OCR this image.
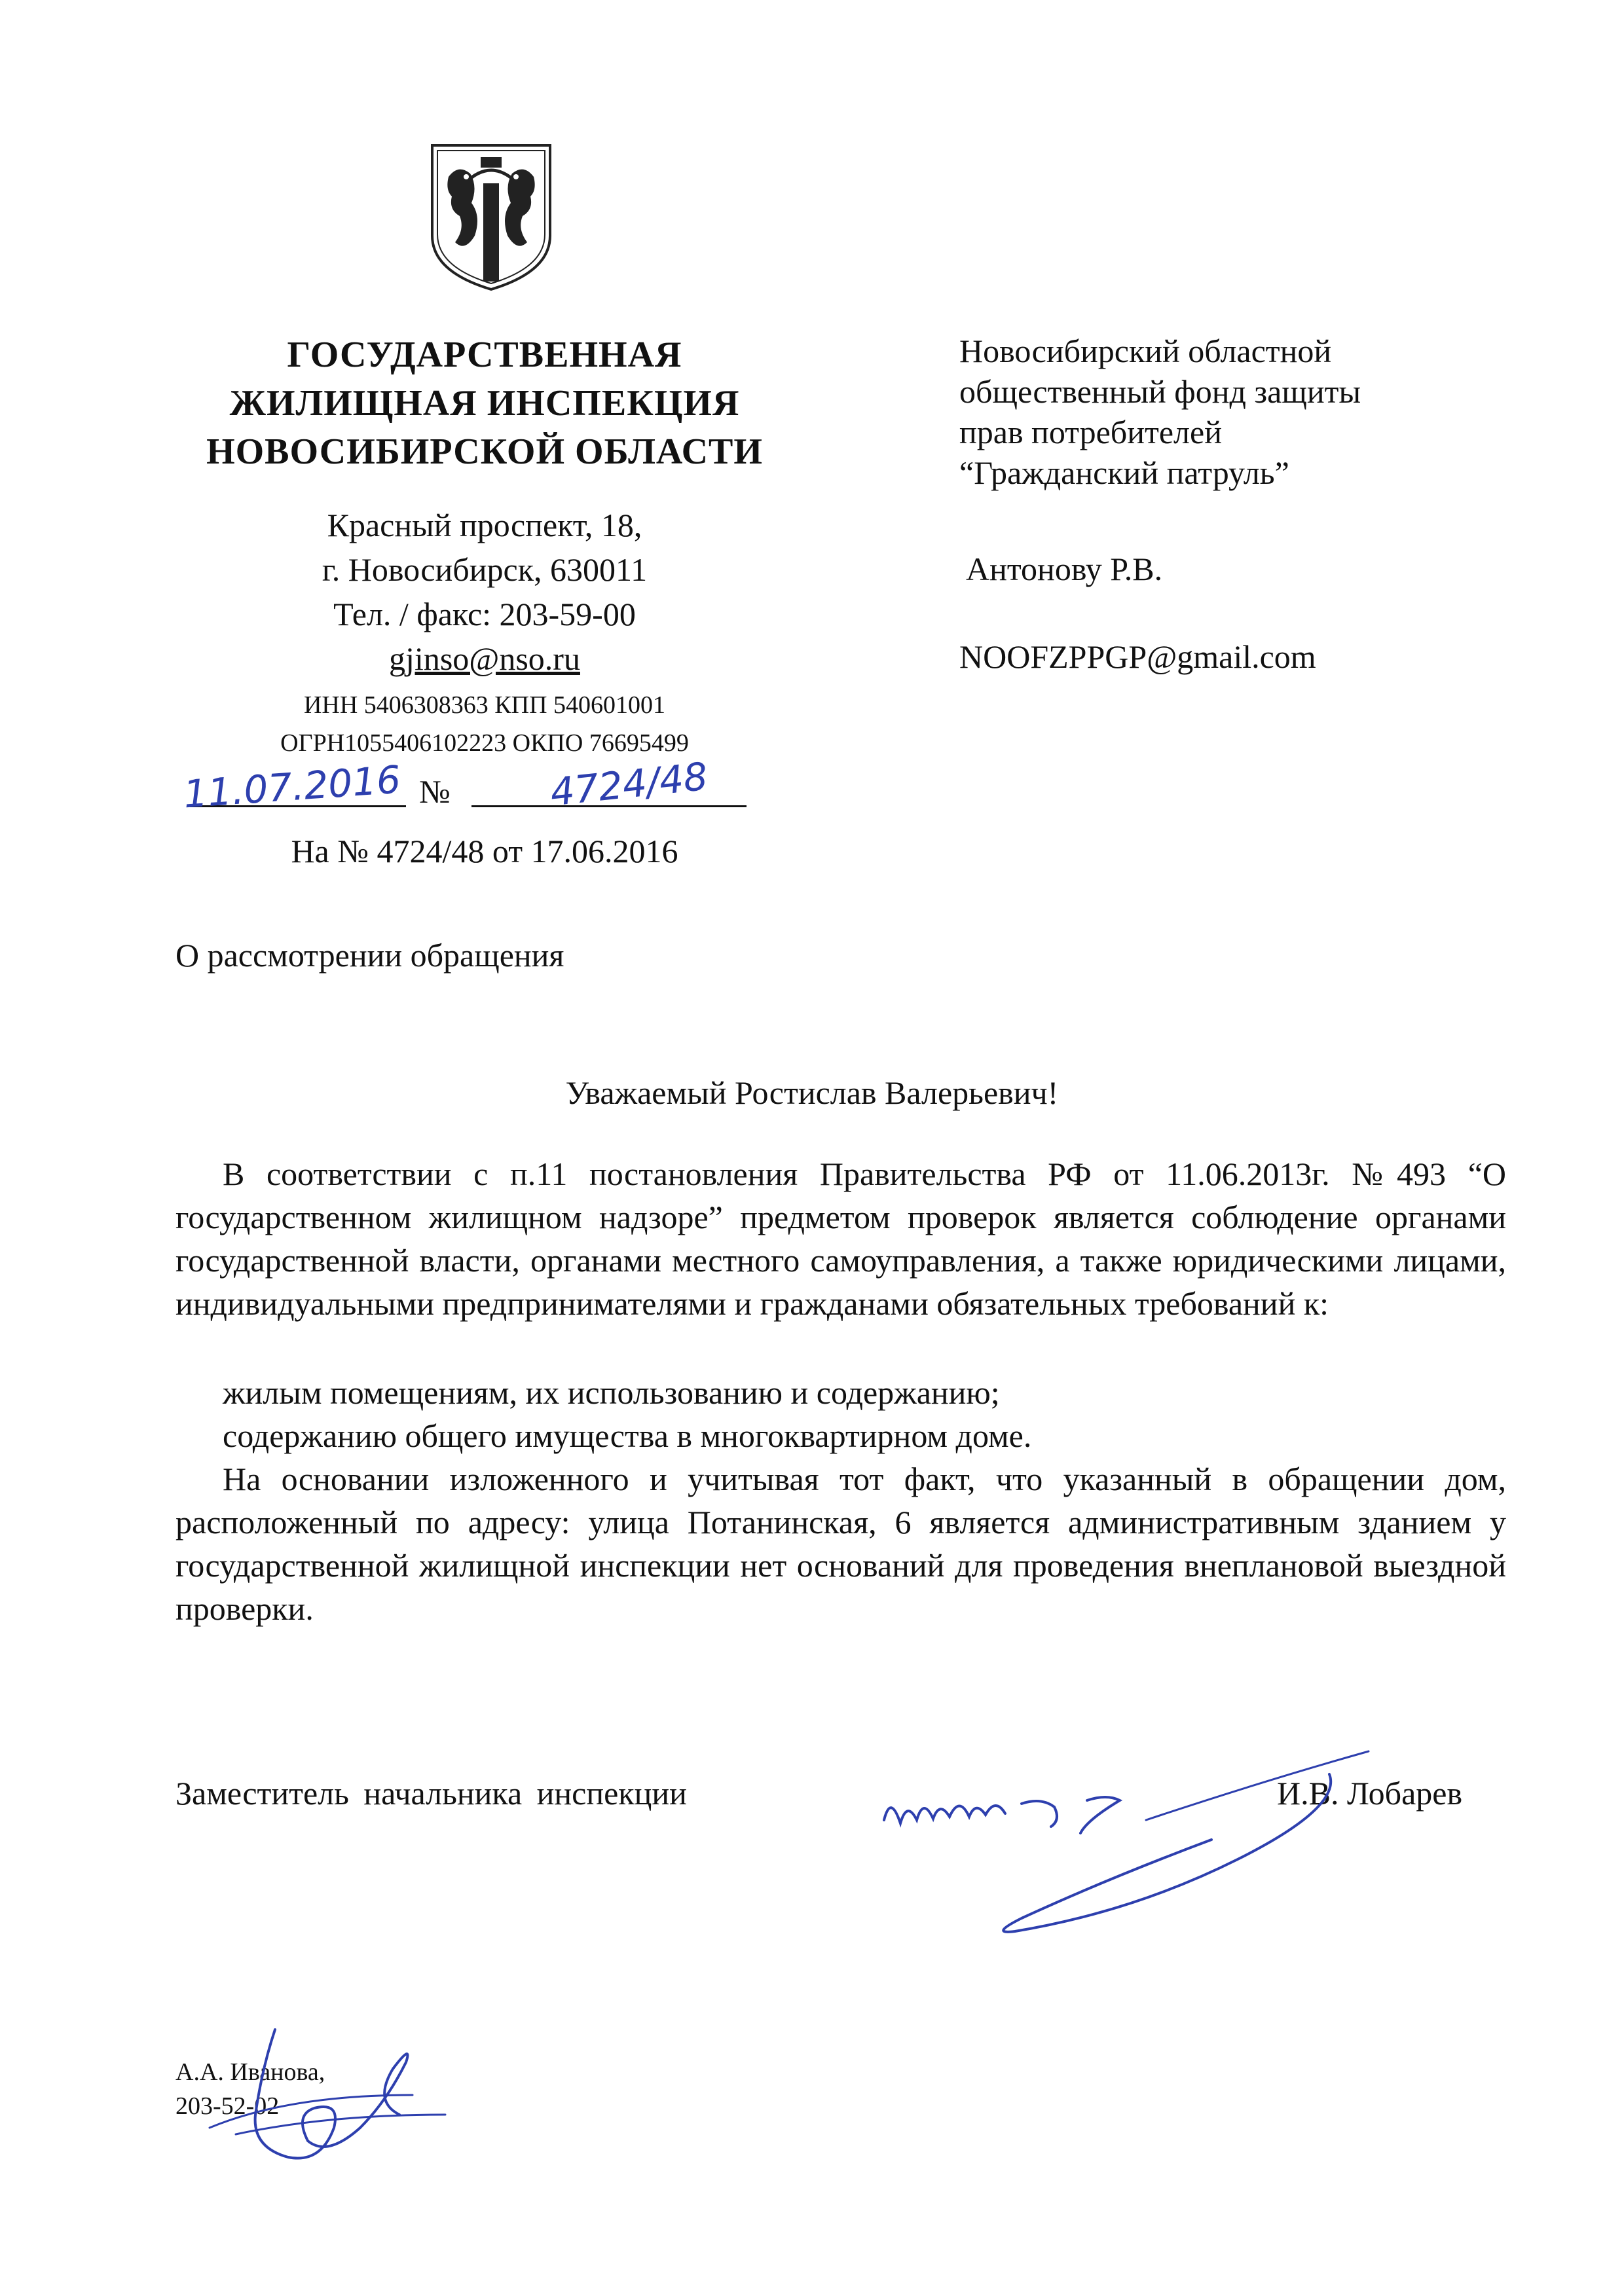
ГОСУДАРСТВЕННАЯ
ЖИЛИЩНАЯ ИНСПЕКЦИЯ
НОВОСИБИРСКОЙ ОБЛАСТИ
Красный проспект, 18,
г. Новосибирск, 630011
Тел. / факс: 203-59-00
gjinso@nso.ru
ИНН 5406308363 КПП 540601001
ОГРН1055406102223 ОКПО 76695499
11.07.2016 №	4724/48
На № 4724/48 от 17.06.2016
Новосибирский областной
общественный фонд защиты
прав потребителей
“Гражданский патруль”
Антонову Р.В.
NOOFZPPGP@gmail.com
О рассмотрении обращения
Уважаемый Ростислав Валерьевич!
В соответствии с п.11 постановления Правительства РФ от 11.06.2013г. №493 “О государственном жилищном надзоре” предметом проверок является соблюдение органами государственной власти, органами местного самоуправления, а также юридическими лицами, индивидуальными предпринимателями и гражданами обязательных требований к:
жилым помещениям, их использованию и содержанию;
содержанию общего имущества в многоквартирном доме.
На основании изложенного и учитывая тот факт, что указанный в обращении дом, расположенный по адресу: улица Потанинская, 6 является административным зданием у государственной жилищной инспекции нет оснований для проведения внеплановой выездной проверки.
Заместитель начальника инспекции	И.В. Лобарев
А.А. Иванова,
203-52-02
